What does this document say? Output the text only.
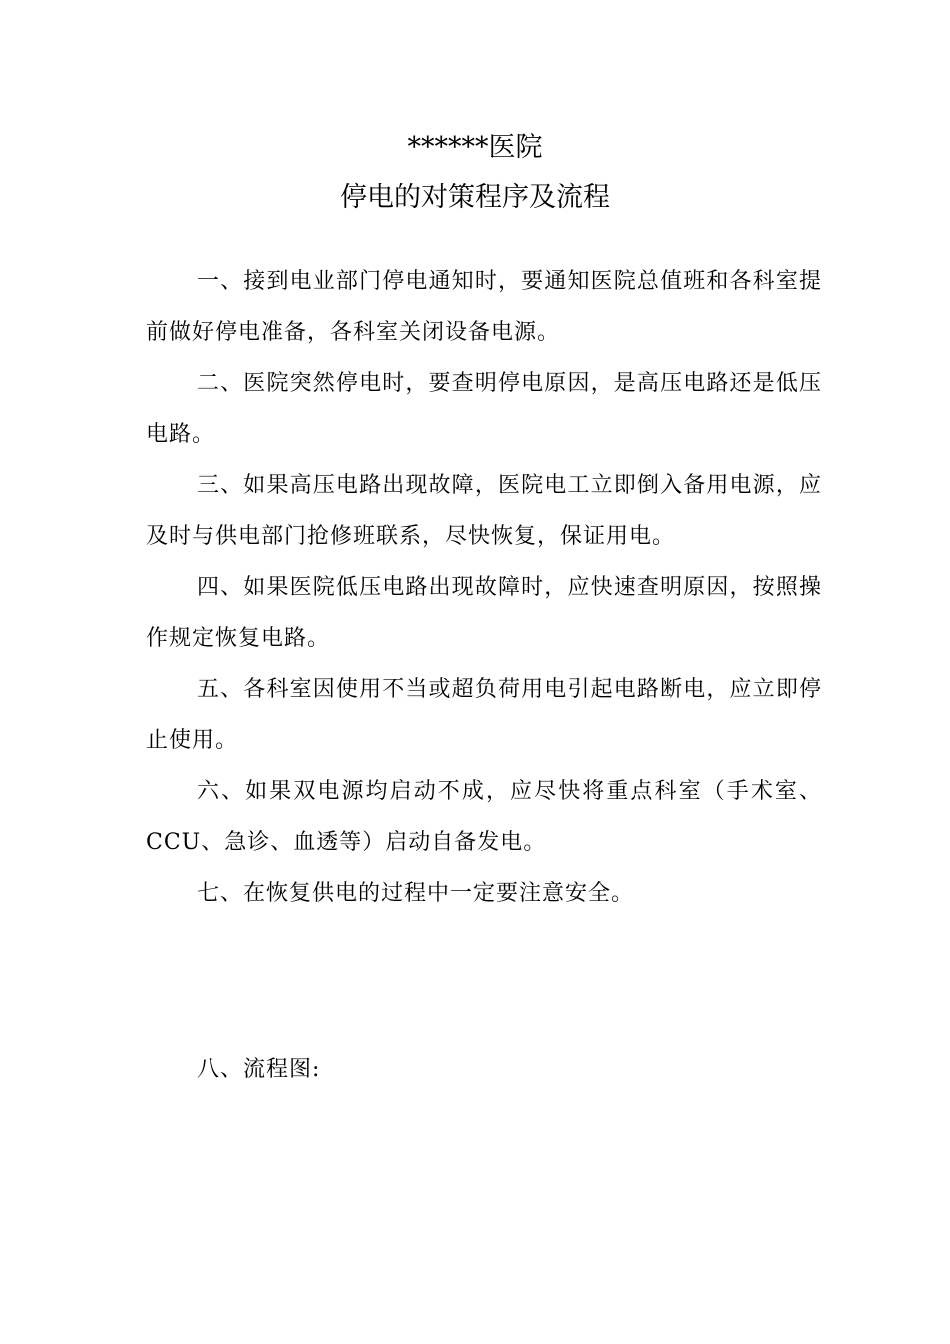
******医院
停电的对策程序及流程

一、接到电业部门停电通知时，要通知医院总值班和各科室提前做好停电准备，各科室关闭设备电源。

二、医院突然停电时，要查明停电原因，是高压电路还是低压电路。

三、如果高压电路出现故障，医院电工立即倒入备用电源，应及时与供电部门抢修班联系，尽快恢复，保证用电。

四、如果医院低压电路出现故障时，应快速查明原因，按照操作规定恢复电路。

五、各科室因使用不当或超负荷用电引起电路断电，应立即停止使用。

六、如果双电源均启动不成，应尽快将重点科室（手术室、CCU、急诊、血透等）启动自备发电。

七、在恢复供电的过程中一定要注意安全。

八、流程图:
